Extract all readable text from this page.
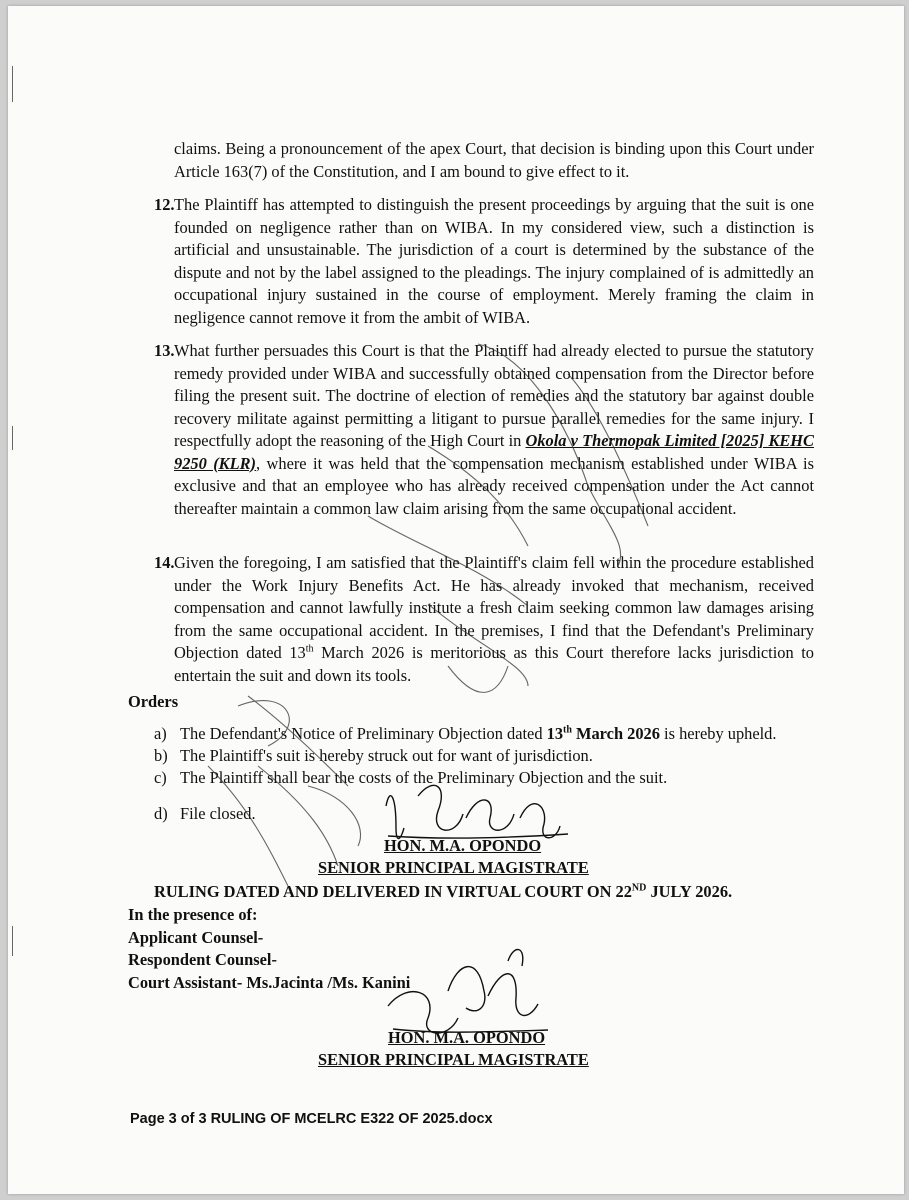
claims. Being a pronouncement of the apex Court, that decision is binding upon this Court under Article 163(7) of the Constitution, and I am bound to give effect to it.
12. The Plaintiff has attempted to distinguish the present proceedings by arguing that the suit is one founded on negligence rather than on WIBA. In my considered view, such a distinction is artificial and unsustainable. The jurisdiction of a court is determined by the substance of the dispute and not by the label assigned to the pleadings. The injury complained of is admittedly an occupational injury sustained in the course of employment. Merely framing the claim in negligence cannot remove it from the ambit of WIBA.
13. What further persuades this Court is that the Plaintiff had already elected to pursue the statutory remedy provided under WIBA and successfully obtained compensation from the Director before filing the present suit. The doctrine of election of remedies and the statutory bar against double recovery militate against permitting a litigant to pursue parallel remedies for the same injury. I respectfully adopt the reasoning of the High Court in Okola v Thermopak Limited [2025] KEHC 9250 (KLR), where it was held that the compensation mechanism established under WIBA is exclusive and that an employee who has already received compensation under the Act cannot thereafter maintain a common law claim arising from the same occupational accident.
14. Given the foregoing, I am satisfied that the Plaintiff's claim fell within the procedure established under the Work Injury Benefits Act. He has already invoked that mechanism, received compensation and cannot lawfully institute a fresh claim seeking common law damages arising from the same occupational accident. In the premises, I find that the Defendant's Preliminary Objection dated 13th March 2026 is meritorious as this Court therefore lacks jurisdiction to entertain the suit and down its tools.
Orders
a) The Defendant's Notice of Preliminary Objection dated 13th March 2026 is hereby upheld.
b) The Plaintiff's suit is hereby struck out for want of jurisdiction.
c) The Plaintiff shall bear the costs of the Preliminary Objection and the suit.
d) File closed.
HON. M.A. OPONDO
SENIOR PRINCIPAL MAGISTRATE
RULING DATED AND DELIVERED IN VIRTUAL COURT ON 22ND JULY 2026.
In the presence of:
Applicant Counsel-
Respondent Counsel-
Court Assistant- Ms.Jacinta /Ms. Kanini
HON. M.A. OPONDO
SENIOR PRINCIPAL MAGISTRATE
Page 3 of 3 RULING OF MCELRC E322 OF 2025.docx
